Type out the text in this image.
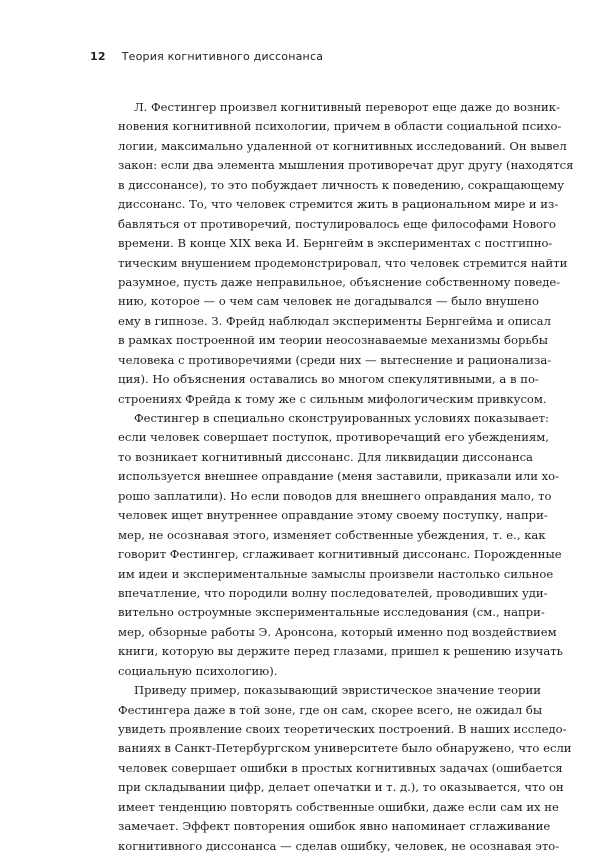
12 Теория когнитивного диссонанса
Л. Фестингер произвел когнитивный переворот еще даже до возник-
новения когнитивной психологии, причем в области социальной психо-
логии, максимально удаленной от когнитивных исследований. Он вывел
закон: если два элемента мышления противоречат друг другу (находятся
в диссонансе), то это побуждает личность к поведению, сокращающему
диссонанс. То, что человек стремится жить в рациональном мире и из-
бавляться от противоречий, постулировалось еще философами Нового
времени. В конце XIX века И. Бернгейм в экспериментах с постгипно-
тическим внушением продемонстрировал, что человек стремится найти
разумное, пусть даже неправильное, объяснение собственному поведе-
нию, которое — о чем сам человек не догадывался — было внушено
ему в гипнозе. З. Фрейд наблюдал эксперименты Бернгейма и описал
в рамках построенной им теории неосознаваемые механизмы борьбы
человека с противоречиями (среди них — вытеснение и рационализа-
ция). Но объяснения оставались во многом спекулятивными, а в по-
строениях Фрейда к тому же с сильным мифологическим привкусом.
Фестингер в специально сконструированных условиях показывает:
если человек совершает поступок, противоречащий его убеждениям,
то возникает когнитивный диссонанс. Для ликвидации диссонанса
используется внешнее оправдание (меня заставили, приказали или хо-
рошо заплатили). Но если поводов для внешнего оправдания мало, то
человек ищет внутреннее оправдание этому своему поступку, напри-
мер, не осознавая этого, изменяет собственные убеждения, т. е., как
говорит Фестингер, сглаживает когнитивный диссонанс. Порожденные
им идеи и экспериментальные замыслы произвели настолько сильное
впечатление, что породили волну последователей, проводивших уди-
вительно остроумные экспериментальные исследования (см., напри-
мер, обзорные работы Э. Аронсона, который именно под воздействием
книги, которую вы держите перед глазами, пришел к решению изучать
социальную психологию).
Приведу пример, показывающий эвристическое значение теории
Фестингера даже в той зоне, где он сам, скорее всего, не ожидал бы
увидеть проявление своих теоретических построений. В наших исследо-
ваниях в Санкт-Петербургском университете было обнаружено, что если
человек совершает ошибки в простых когнитивных задачах (ошибается
при складывании цифр, делает опечатки и т. д.), то оказывается, что он
имеет тенденцию повторять собственные ошибки, даже если сам их не
замечает. Эффект повторения ошибок явно напоминает сглаживание
когнитивного диссонанса — сделав ошибку, человек, не осознавая это-
